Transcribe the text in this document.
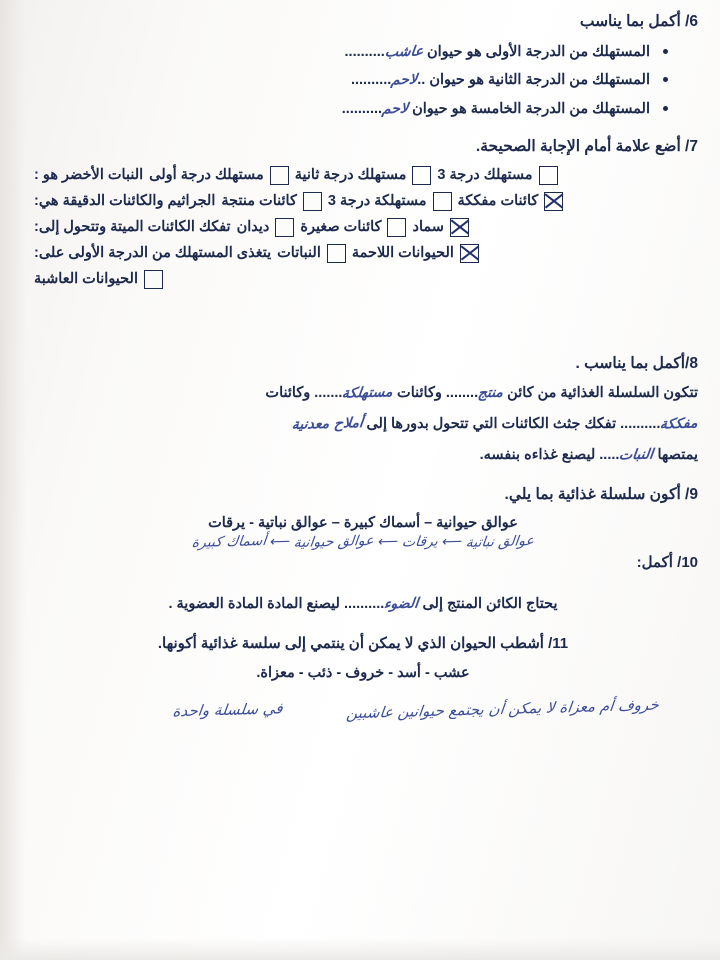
6/ أكمل بما يناسب

المستهلك من الدرجة الأولى هو حيوان عاشب..........
المستهلك من الدرجة الثانية هو حيوان ..لاحم..........
المستهلك من الدرجة الخامسة هو حيوان لاحم..........

7/ أضع علامة أمام الإجابة الصحيحة.

النبات الأخضر هو : مستهلك درجة أولى مستهلك درجة ثانية مستهلك درجة 3
الجراثيم والكائنات الدقيقة هي: كائنات منتجة مستهلكة درجة 3 كائنات مفككة
تفكك الكائنات الميتة وتتحول إلى: ديدان كائنات صغيرة سماد
يتغذى المستهلك من الدرجة الأولى على: النباتات الحيوانات اللاحمة
الحيوانات العاشبة

8/أكمل بما يناسب .

تتكون السلسلة الغذائية من كائن منتج........ وكائنات مستهلكة....... وكائنات
مفككة.......... تفكك جثث الكائنات التي تتحول بدورها إلى أملاح معدنية
يمتصها النبات..... ليصنع غذاءه بنفسه.

9/ أكون سلسلة غذائية بما يلي.

عوالق حيوانية – أسماك كبيرة – عوالق نباتية - يرقات
عوالق نباتية ⟵ يرقات ⟵ عوالق حيوانية ⟵ أسماك كبيرة

10/ أكمل:

يحتاج الكائن المنتج إلى الضوء.......... ليصنع المادة المادة العضوية .

11/ أشطب الحيوان الذي لا يمكن أن ينتمي إلى سلسة غذائية أكونها.

عشب - أسد - خروف - ذئب - معزاة.
خروف أم معزاة لا يمكن أن يجتمع حيوانين عاشبين في سلسلة واحدة
